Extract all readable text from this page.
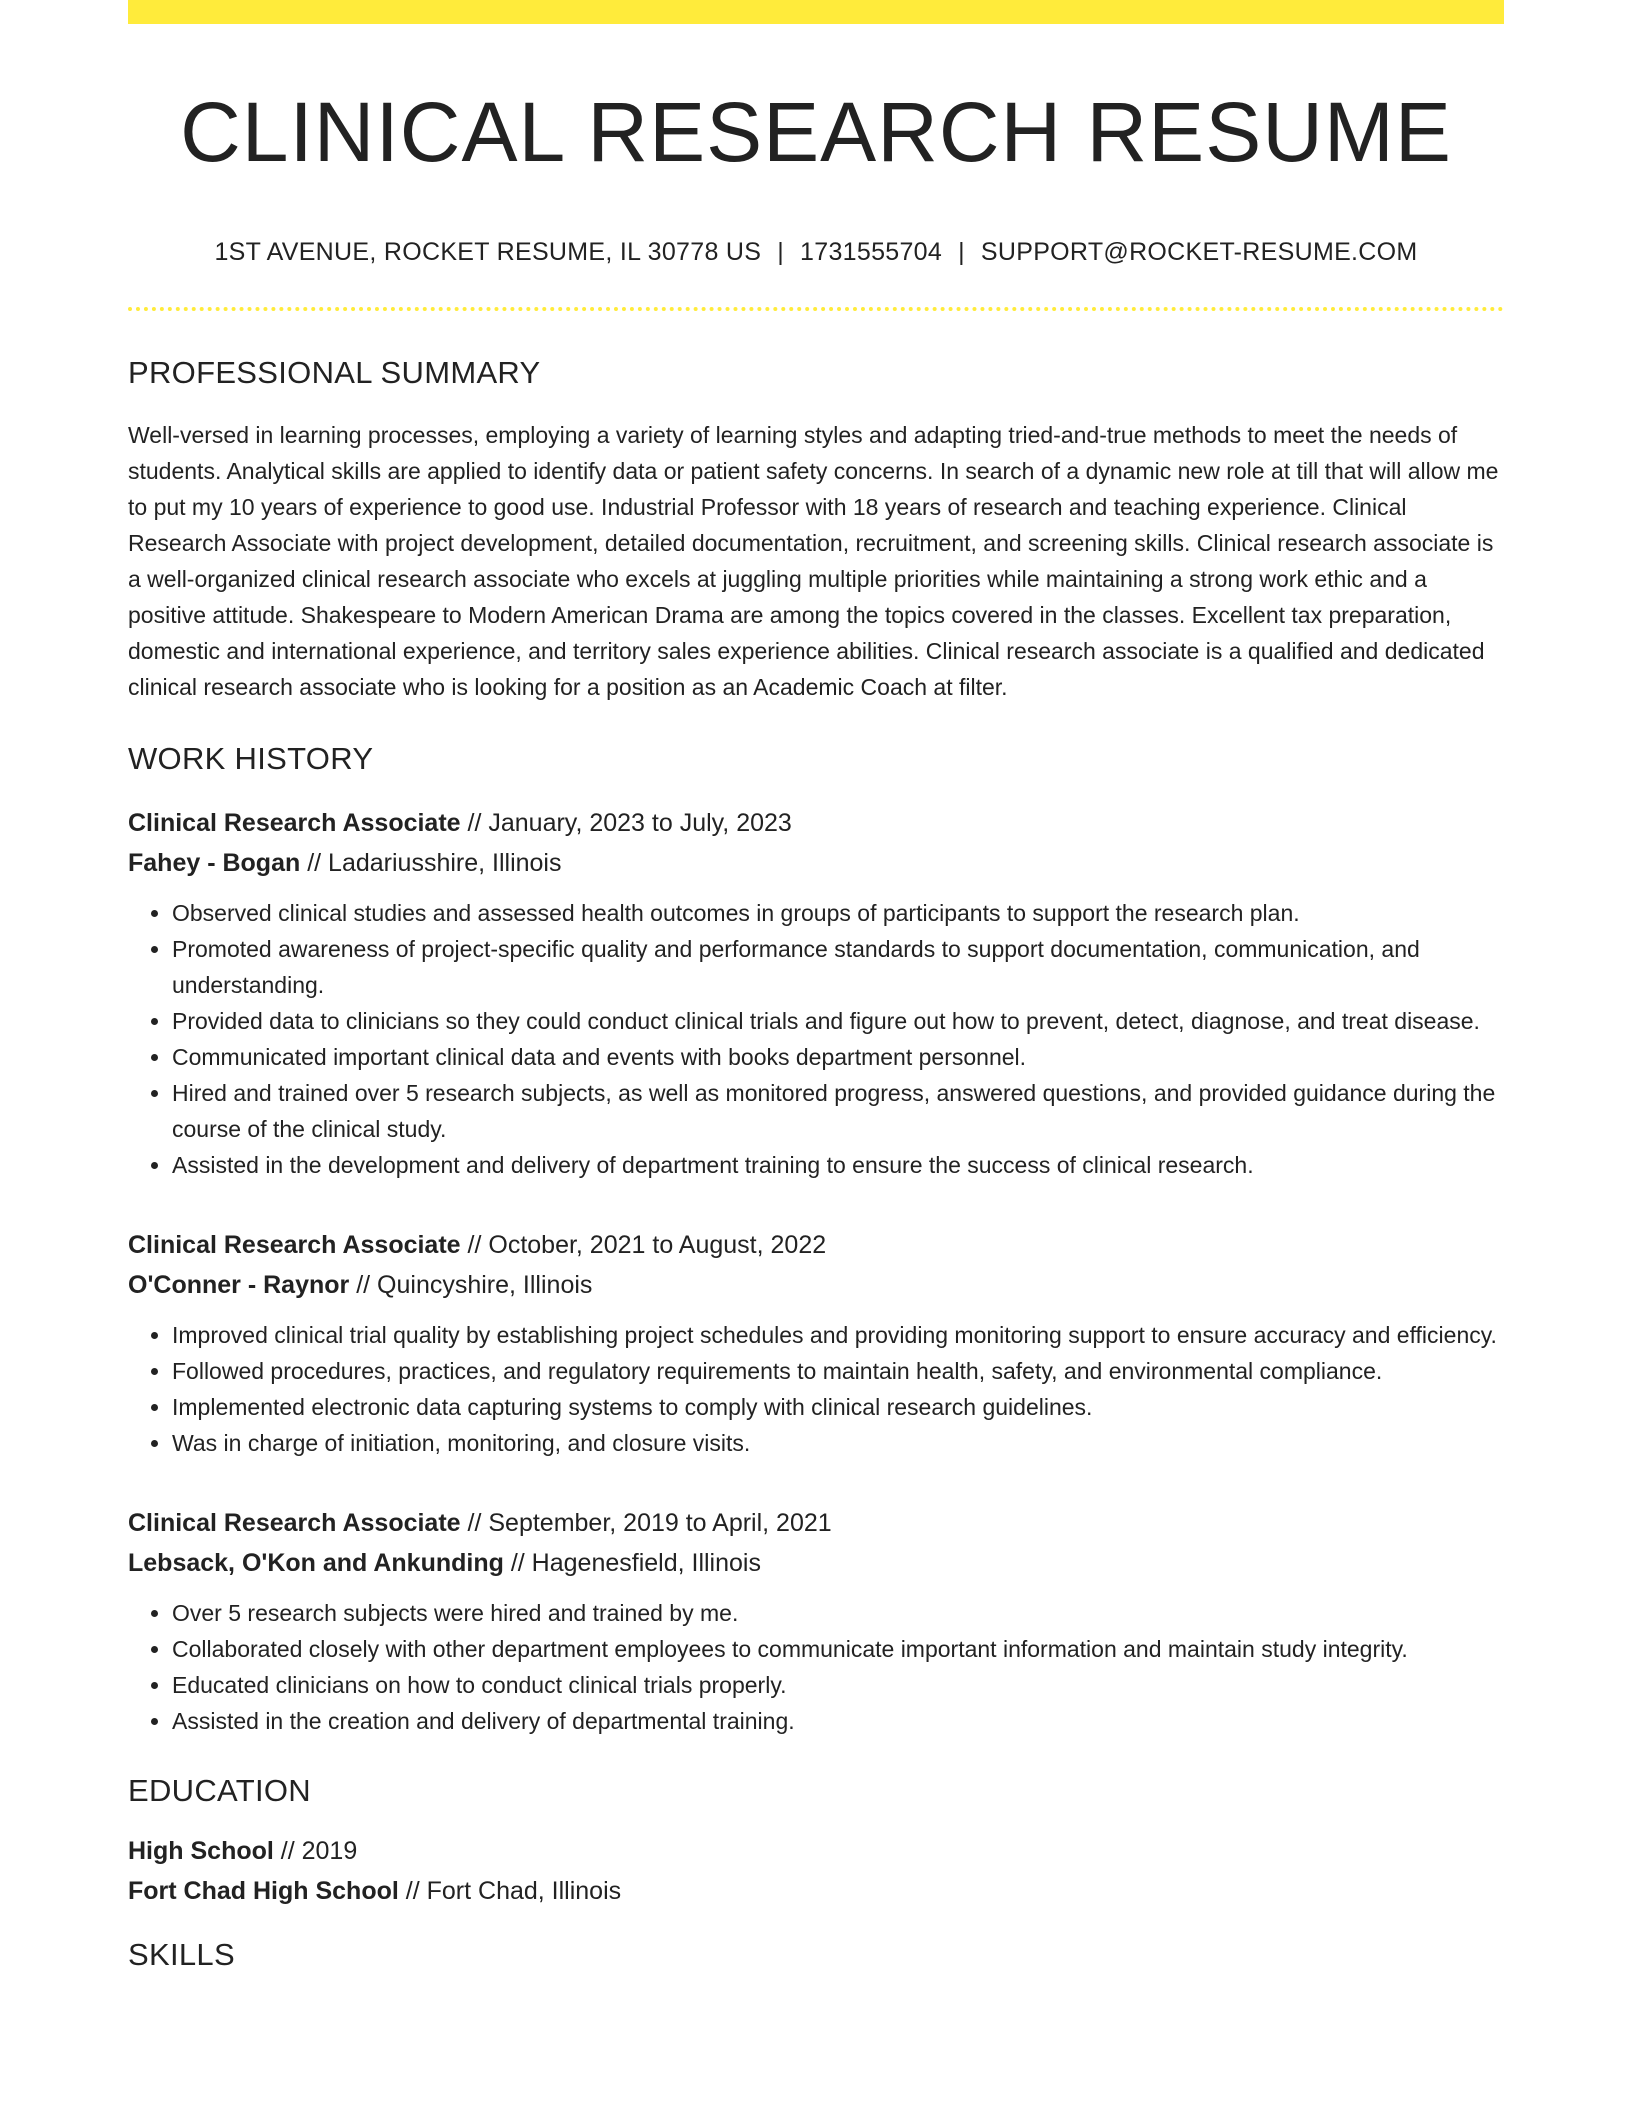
CLINICAL RESEARCH RESUME
1ST AVENUE, ROCKET RESUME, IL 30778 US | 1731555704 | SUPPORT@ROCKET-RESUME.COM
PROFESSIONAL SUMMARY

Well-versed in learning processes, employing a variety of learning styles and adapting tried-and-true methods to meet the needs of students. Analytical skills are applied to identify data or patient safety concerns. In search of a dynamic new role at till that will allow me to put my 10 years of experience to good use. Industrial Professor with 18 years of research and teaching experience. Clinical Research Associate with project development, detailed documentation, recruitment, and screening skills. Clinical research associate is a well-organized clinical research associate who excels at juggling multiple priorities while maintaining a strong work ethic and a positive attitude. Shakespeare to Modern American Drama are among the topics covered in the classes. Excellent tax preparation, domestic and international experience, and territory sales experience abilities. Clinical research associate is a qualified and dedicated clinical research associate who is looking for a position as an Academic Coach at filter.

WORK HISTORY
Clinical Research Associate // January, 2023 to July, 2023
Fahey - Bogan // Ladariusshire, Illinois
• Observed clinical studies and assessed health outcomes in groups of participants to support the research plan.
• Promoted awareness of project-specific quality and performance standards to support documentation, communication, and understanding.
• Provided data to clinicians so they could conduct clinical trials and figure out how to prevent, detect, diagnose, and treat disease.
• Communicated important clinical data and events with books department personnel.
• Hired and trained over 5 research subjects, as well as monitored progress, answered questions, and provided guidance during the course of the clinical study.
• Assisted in the development and delivery of department training to ensure the success of clinical research.
Clinical Research Associate // October, 2021 to August, 2022
O'Conner - Raynor // Quincyshire, Illinois
• Improved clinical trial quality by establishing project schedules and providing monitoring support to ensure accuracy and efficiency.
• Followed procedures, practices, and regulatory requirements to maintain health, safety, and environmental compliance.
• Implemented electronic data capturing systems to comply with clinical research guidelines.
• Was in charge of initiation, monitoring, and closure visits.
Clinical Research Associate // September, 2019 to April, 2021
Lebsack, O'Kon and Ankunding // Hagenesfield, Illinois
• Over 5 research subjects were hired and trained by me.
• Collaborated closely with other department employees to communicate important information and maintain study integrity.
• Educated clinicians on how to conduct clinical trials properly.
• Assisted in the creation and delivery of departmental training.
EDUCATION
High School // 2019
Fort Chad High School // Fort Chad, Illinois
SKILLS
